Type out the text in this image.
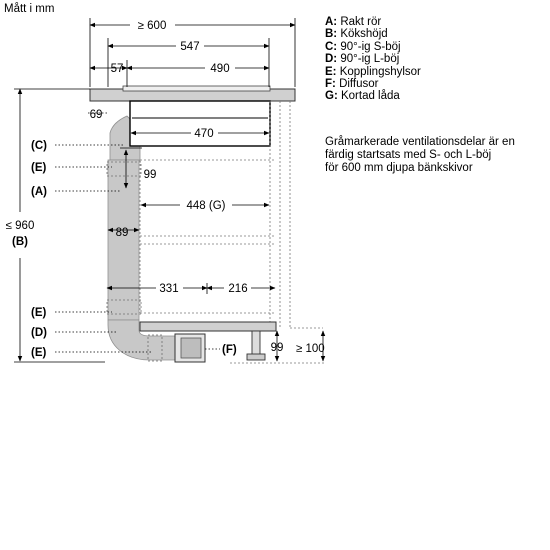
Mått i mm
≥ 600
547
57	490
69
470
99
448 (G)
89
331	216
≤ 960
(B)
99 ≥ 100
(F)
(C)
(E)
(A)
(E)
(D)
(E)
A: Rakt rör
B: Kökshöjd
C: 90°-ig S-böj
D: 90°-ig L-böj
E: Kopplingshylsor
F: Diffusor
G: Kortad låda
Gråmarkerade ventilationsdelar är en
färdig startsats med S- och L-böj
för 600 mm djupa bänkskivor
